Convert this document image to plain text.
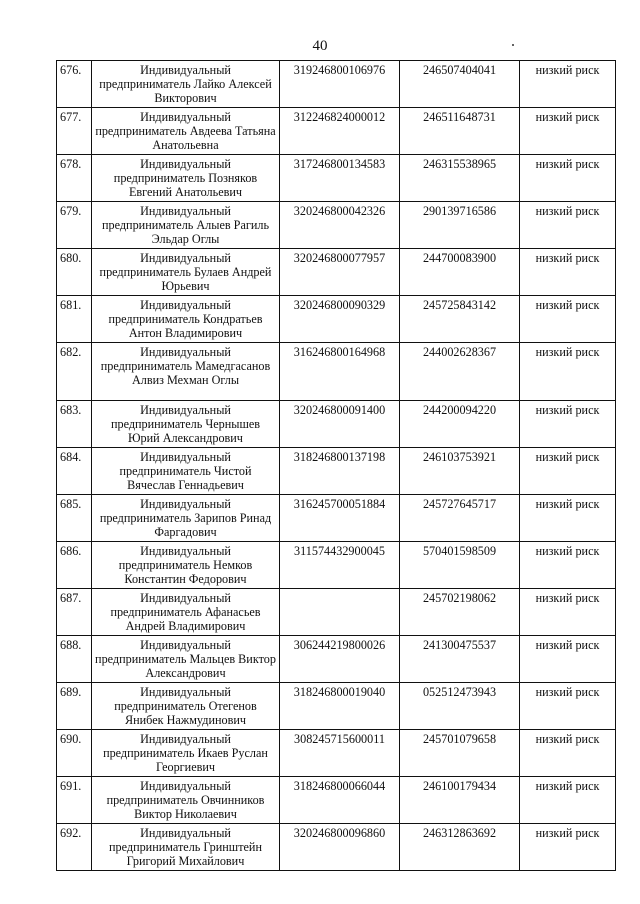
40
676.	Индивидуальный предприниматель Лайко Алексей Викторович	319246800106976	246507404041	низкий риск
677.	Индивидуальный предприниматель Авдеева Татьяна Анатольевна	312246824000012	246511648731	низкий риск
678.	Индивидуальный предприниматель Позняков Евгений Анатольевич	317246800134583	246315538965	низкий риск
679.	Индивидуальный предприниматель Алыев Рагиль Эльдар Оглы	320246800042326	290139716586	низкий риск
680.	Индивидуальный предприниматель Булаев Андрей Юрьевич	320246800077957	244700083900	низкий риск
681.	Индивидуальный предприниматель Кондратьев Антон Владимирович	320246800090329	245725843142	низкий риск
682.	Индивидуальный предприниматель Мамедгасанов Алвиз Мехман Оглы	316246800164968	244002628367	низкий риск
683.	Индивидуальный предприниматель Чернышев Юрий Александрович	320246800091400	244200094220	низкий риск
684.	Индивидуальный предприниматель Чистой Вячеслав Геннадьевич	318246800137198	246103753921	низкий риск
685.	Индивидуальный предприниматель Зарипов Ринад Фаргадович	316245700051884	245727645717	низкий риск
686.	Индивидуальный предприниматель Немков Константин Федорович	311574432900045	570401598509	низкий риск
687.	Индивидуальный предприниматель Афанасьев Андрей Владимирович		245702198062	низкий риск
688.	Индивидуальный предприниматель Мальцев Виктор Александрович	306244219800026	241300475537	низкий риск
689.	Индивидуальный предприниматель Отегенов Янибек Нажмудинович	318246800019040	052512473943	низкий риск
690.	Индивидуальный предприниматель Икаев Руслан Георгиевич	308245715600011	245701079658	низкий риск
691.	Индивидуальный предприниматель Овчинников Виктор Николаевич	318246800066044	246100179434	низкий риск
692.	Индивидуальный предприниматель Гринштейн Григорий Михайлович	320246800096860	246312863692	низкий риск
